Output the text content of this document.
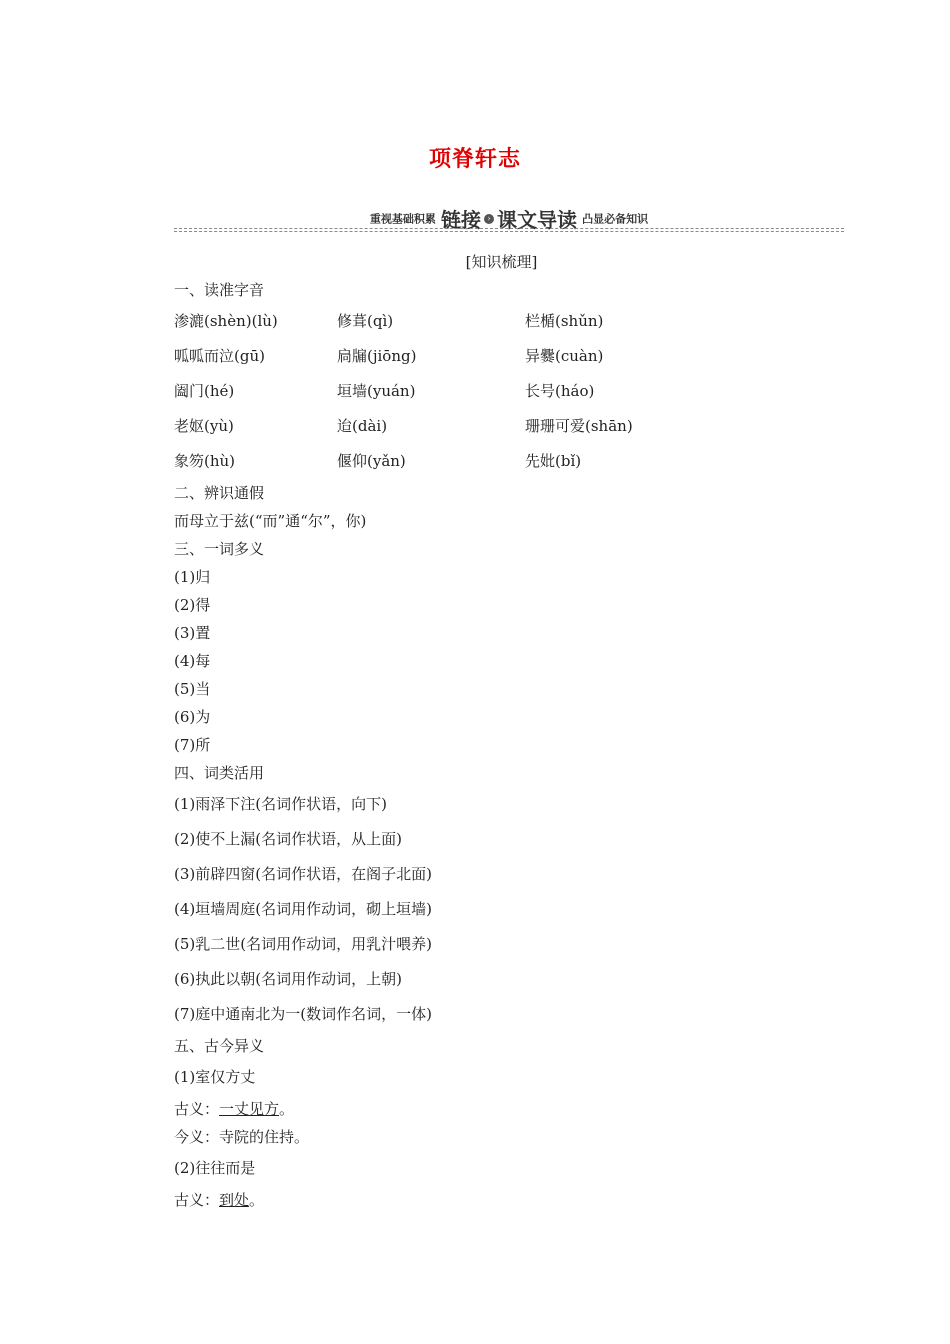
项脊轩志
重视基础积累 链接 › 课文导读 凸显必备知识
[知识梳理]
一、读准字音
渗漉(shèn)(lù)	修葺(qì)	栏楯(shǔn)
呱呱而泣(gū)	扃牖(jiōng)	异爨(cuàn)
阖门(hé)	垣墙(yuán)	长号(háo)
老妪(yù)	迨(dài)	珊珊可爱(shān)
象笏(hù)	偃仰(yǎn)	先妣(bǐ)
二、辨识通假
而母立于兹(“而”通“尔”，你)
三、一词多义
(1)归
(2)得
(3)置
(4)每
(5)当
(6)为
(7)所
四、词类活用
(1)雨泽下注(名词作状语，向下)
(2)使不上漏(名词作状语，从上面)
(3)前辟四窗(名词作状语，在阁子北面)
(4)垣墙周庭(名词用作动词，砌上垣墙)
(5)乳二世(名词用作动词，用乳汁喂养)
(6)执此以朝(名词用作动词，上朝)
(7)庭中通南北为一(数词作名词，一体)
五、古今异义
(1)室仅方丈
古义：一丈见方。
今义：寺院的住持。
(2)往往而是
古义：到处。
